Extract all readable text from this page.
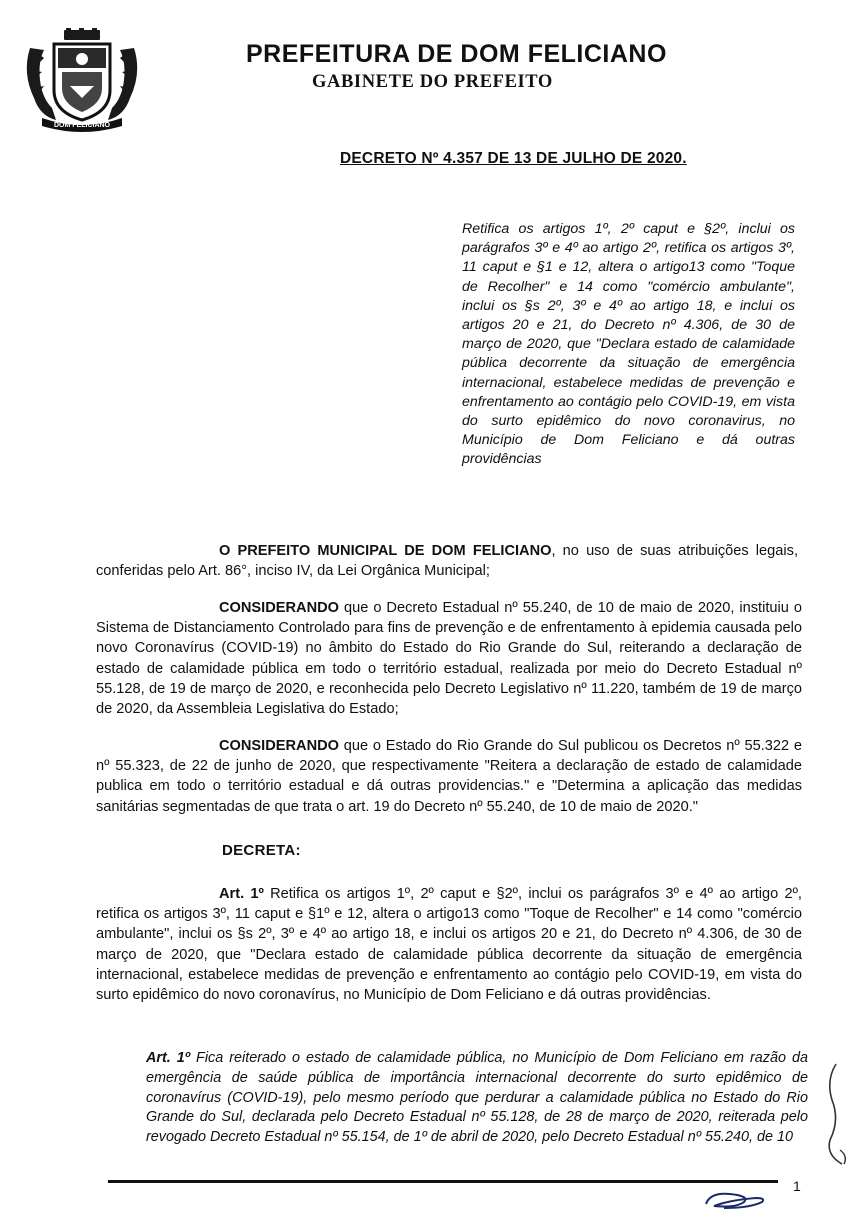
DOM FELICIANO
PREFEITURA DE DOM FELICIANO
GABINETE DO PREFEITO
DECRETO Nº 4.357 DE 13 DE JULHO DE 2020.
Retifica os artigos 1º, 2º caput e §2º, inclui os parágrafos 3º e 4º ao artigo 2º, retifica os artigos 3º, 11 caput e §1 e 12, altera o artigo13 como "Toque de Recolher" e 14 como "comércio ambulante", inclui os §s 2º, 3º e 4º ao artigo 18, e inclui os artigos 20 e 21, do Decreto nº 4.306, de 30 de março de 2020, que "Declara estado de calamidade pública decorrente da situação de emergência internacional, estabelece medidas de prevenção e enfrentamento ao contágio pelo COVID-19, em vista do surto epidêmico do novo coronavirus, no Município de Dom Feliciano e dá outras providências
O PREFEITO MUNICIPAL DE DOM FELICIANO, no uso de suas atribuições legais, conferidas pelo Art. 86°, inciso IV, da Lei Orgânica Municipal;
CONSIDERANDO que o Decreto Estadual nº 55.240, de 10 de maio de 2020, instituiu o Sistema de Distanciamento Controlado para fins de prevenção e de enfrentamento à epidemia causada pelo novo Coronavírus (COVID-19) no âmbito do Estado do Rio Grande do Sul, reiterando a declaração de estado de calamidade pública em todo o território estadual, realizada por meio do Decreto Estadual nº 55.128, de 19 de março de 2020, e reconhecida pelo Decreto Legislativo nº 11.220, também de 19 de março de 2020, da Assembleia Legislativa do Estado;
CONSIDERANDO que o Estado do Rio Grande do Sul publicou os Decretos nº 55.322 e nº 55.323, de 22 de junho de 2020, que respectivamente "Reitera a declaração de estado de calamidade publica em todo o território estadual e dá outras providencias." e "Determina a aplicação das medidas sanitárias segmentadas de que trata o art. 19 do Decreto nº 55.240, de 10 de maio de 2020."
DECRETA:
Art. 1º Retifica os artigos 1º, 2º caput e §2º, inclui os parágrafos 3º e 4º ao artigo 2º, retifica os artigos 3º, 11 caput e §1º e 12, altera o artigo13 como "Toque de Recolher" e 14 como "comércio ambulante", inclui os §s 2º, 3º e 4º ao artigo 18, e inclui os artigos 20 e 21, do Decreto nº 4.306, de 30 de março de 2020, que "Declara estado de calamidade pública decorrente da situação de emergência internacional, estabelece medidas de prevenção e enfrentamento ao contágio pelo COVID-19, em vista do surto epidêmico do novo coronavírus, no Município de Dom Feliciano e dá outras providências.
Art. 1º Fica reiterado o estado de calamidade pública, no Município de Dom Feliciano em razão da emergência de saúde pública de importância internacional decorrente do surto epidêmico de coronavírus (COVID-19), pelo mesmo período que perdurar a calamidade pública no Estado do Rio Grande do Sul, declarada pelo Decreto Estadual nº 55.128, de 28 de março de 2020, reiterada pelo revogado Decreto Estadual nº 55.154, de 1º de abril de 2020, pelo Decreto Estadual nº 55.240, de 10
1
